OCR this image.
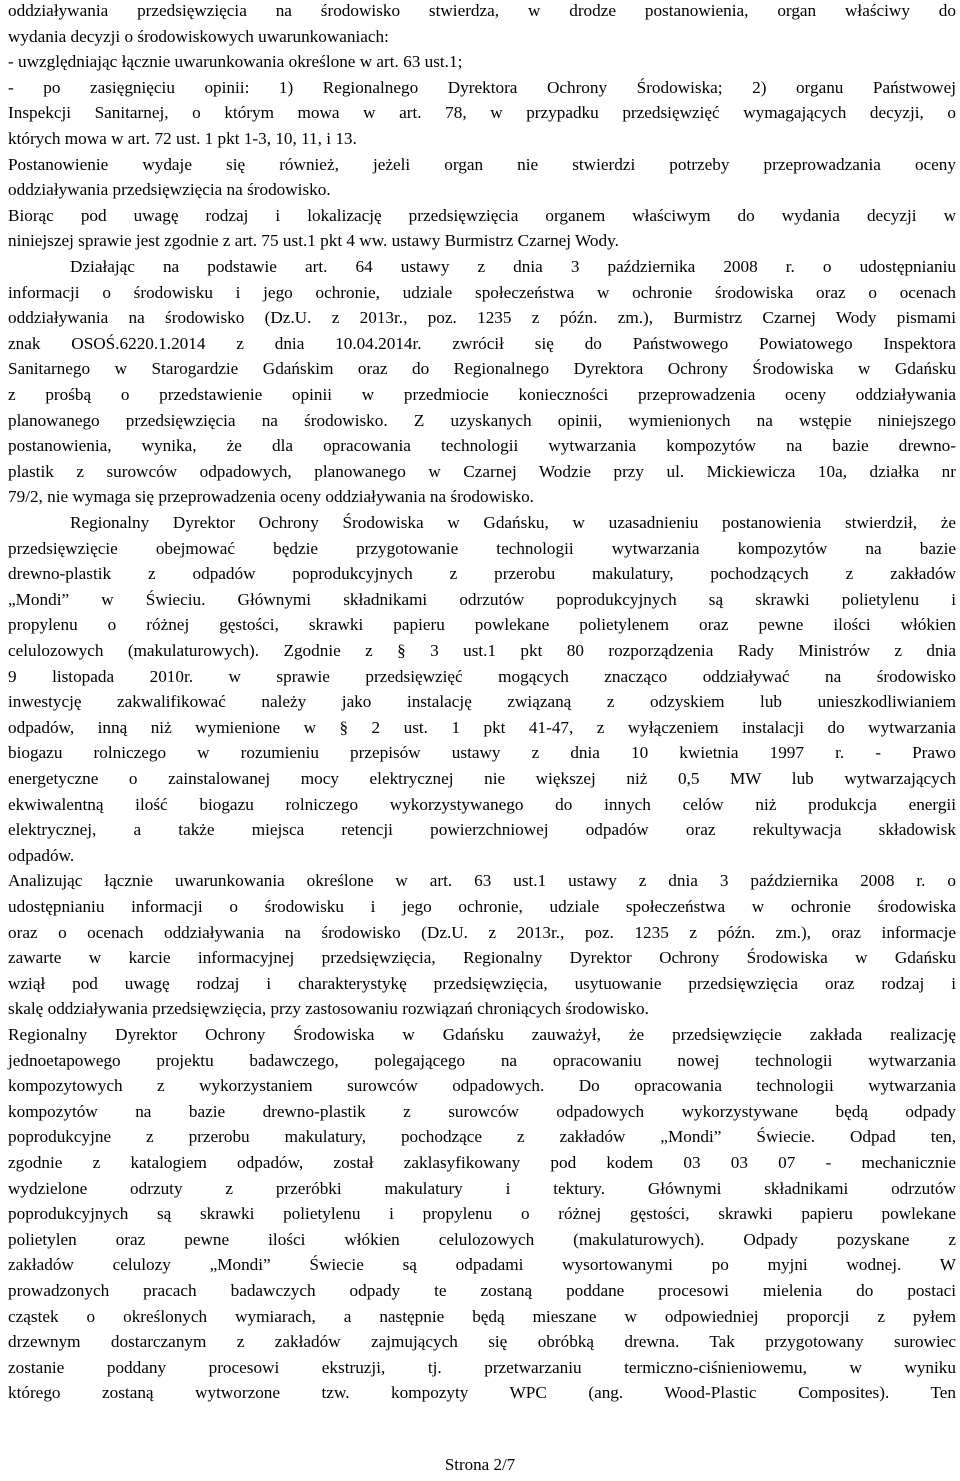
oddziaływania przedsięwzięcia na środowisko stwierdza, w drodze postanowienia, organ właściwy do
wydania decyzji o środowiskowych uwarunkowaniach:
- uwzględniając łącznie uwarunkowania określone w art. 63 ust.1;
- po zasięgnięciu opinii: 1) Regionalnego Dyrektora Ochrony Środowiska; 2) organu Państwowej
Inspekcji Sanitarnej, o którym mowa w art. 78, w przypadku przedsięwzięć wymagających decyzji, o
których mowa w art. 72 ust. 1 pkt 1-3, 10, 11, i 13.
Postanowienie wydaje się również, jeżeli organ nie stwierdzi potrzeby przeprowadzania oceny
oddziaływania przedsięwzięcia na środowisko.
Biorąc pod uwagę rodzaj i lokalizację przedsięwzięcia organem właściwym do wydania decyzji w
niniejszej sprawie jest zgodnie z art. 75 ust.1 pkt 4 ww. ustawy Burmistrz Czarnej Wody.
Działając na podstawie art. 64 ustawy z dnia 3 października 2008 r. o udostępnianiu
informacji o środowisku i jego ochronie, udziale społeczeństwa w ochronie środowiska oraz o ocenach
oddziaływania na środowisko (Dz.U. z 2013r., poz. 1235 z późn. zm.), Burmistrz Czarnej Wody pismami
znak OSOŚ.6220.1.2014 z dnia 10.04.2014r. zwrócił się do Państwowego Powiatowego Inspektora
Sanitarnego w Starogardzie Gdańskim oraz do Regionalnego Dyrektora Ochrony Środowiska w Gdańsku
z prośbą o przedstawienie opinii w przedmiocie konieczności przeprowadzenia oceny oddziaływania
planowanego przedsięwzięcia na środowisko. Z uzyskanych opinii, wymienionych na wstępie niniejszego
postanowienia, wynika, że dla opracowania technologii wytwarzania kompozytów na bazie drewno-
plastik z surowców odpadowych, planowanego w Czarnej Wodzie przy ul. Mickiewicza 10a, działka nr
79/2, nie wymaga się przeprowadzenia oceny oddziaływania na środowisko.
Regionalny Dyrektor Ochrony Środowiska w Gdańsku, w uzasadnieniu postanowienia stwierdził, że
przedsięwzięcie obejmować będzie przygotowanie technologii wytwarzania kompozytów na bazie
drewno-plastik z odpadów poprodukcyjnych z przerobu makulatury, pochodzących z zakładów
„Mondi” w Świeciu. Głównymi składnikami odrzutów poprodukcyjnych są skrawki polietylenu i
propylenu o różnej gęstości, skrawki papieru powlekane polietylenem oraz pewne ilości włókien
celulozowych (makulaturowych). Zgodnie z § 3 ust.1 pkt 80 rozporządzenia Rady Ministrów z dnia
9 listopada 2010r. w sprawie przedsięwzięć mogących znacząco oddziaływać na środowisko
inwestycję zakwalifikować należy jako instalację związaną z odzyskiem lub unieszkodliwianiem
odpadów, inną niż wymienione w § 2 ust. 1 pkt 41-47, z wyłączeniem instalacji do wytwarzania
biogazu rolniczego w rozumieniu przepisów ustawy z dnia 10 kwietnia 1997 r. - Prawo
energetyczne o zainstalowanej mocy elektrycznej nie większej niż 0,5 MW lub wytwarzających
ekwiwalentną ilość biogazu rolniczego wykorzystywanego do innych celów niż produkcja energii
elektrycznej, a także miejsca retencji powierzchniowej odpadów oraz rekultywacja składowisk
odpadów.
Analizując łącznie uwarunkowania określone w art. 63 ust.1 ustawy z dnia 3 października 2008 r. o
udostępnianiu informacji o środowisku i jego ochronie, udziale społeczeństwa w ochronie środowiska
oraz o ocenach oddziaływania na środowisko (Dz.U. z 2013r., poz. 1235 z późn. zm.), oraz informacje
zawarte w karcie informacyjnej przedsięwzięcia, Regionalny Dyrektor Ochrony Środowiska w Gdańsku
wziął pod uwagę rodzaj i charakterystykę przedsięwzięcia, usytuowanie przedsięwzięcia oraz rodzaj i
skalę oddziaływania przedsięwzięcia, przy zastosowaniu rozwiązań chroniących środowisko.
Regionalny Dyrektor Ochrony Środowiska w Gdańsku zauważył, że przedsięwzięcie zakłada realizację
jednoetapowego projektu badawczego, polegającego na opracowaniu nowej technologii wytwarzania
kompozytowych z wykorzystaniem surowców odpadowych. Do opracowania technologii wytwarzania
kompozytów na bazie drewno-plastik z surowców odpadowych wykorzystywane będą odpady
poprodukcyjne z przerobu makulatury, pochodzące z zakładów „Mondi” Świecie. Odpad ten,
zgodnie z katalogiem odpadów, został zaklasyfikowany pod kodem 03 03 07 - mechanicznie
wydzielone odrzuty z przeróbki makulatury i tektury. Głównymi składnikami odrzutów
poprodukcyjnych są skrawki polietylenu i propylenu o różnej gęstości, skrawki papieru powlekane
polietylen oraz pewne ilości włókien celulozowych (makulaturowych). Odpady pozyskane z
zakładów celulozy „Mondi” Świecie są odpadami wysortowanymi po myjni wodnej. W
prowadzonych pracach badawczych odpady te zostaną poddane procesowi mielenia do postaci
cząstek o określonych wymiarach, a następnie będą mieszane w odpowiedniej proporcji z pyłem
drzewnym dostarczanym z zakładów zajmujących się obróbką drewna. Tak przygotowany surowiec
zostanie poddany procesowi ekstruzji, tj. przetwarzaniu termiczno-ciśnieniowemu, w wyniku
którego zostaną wytworzone tzw. kompozyty WPC (ang. Wood-Plastic Composites). Ten
Strona 2/7
